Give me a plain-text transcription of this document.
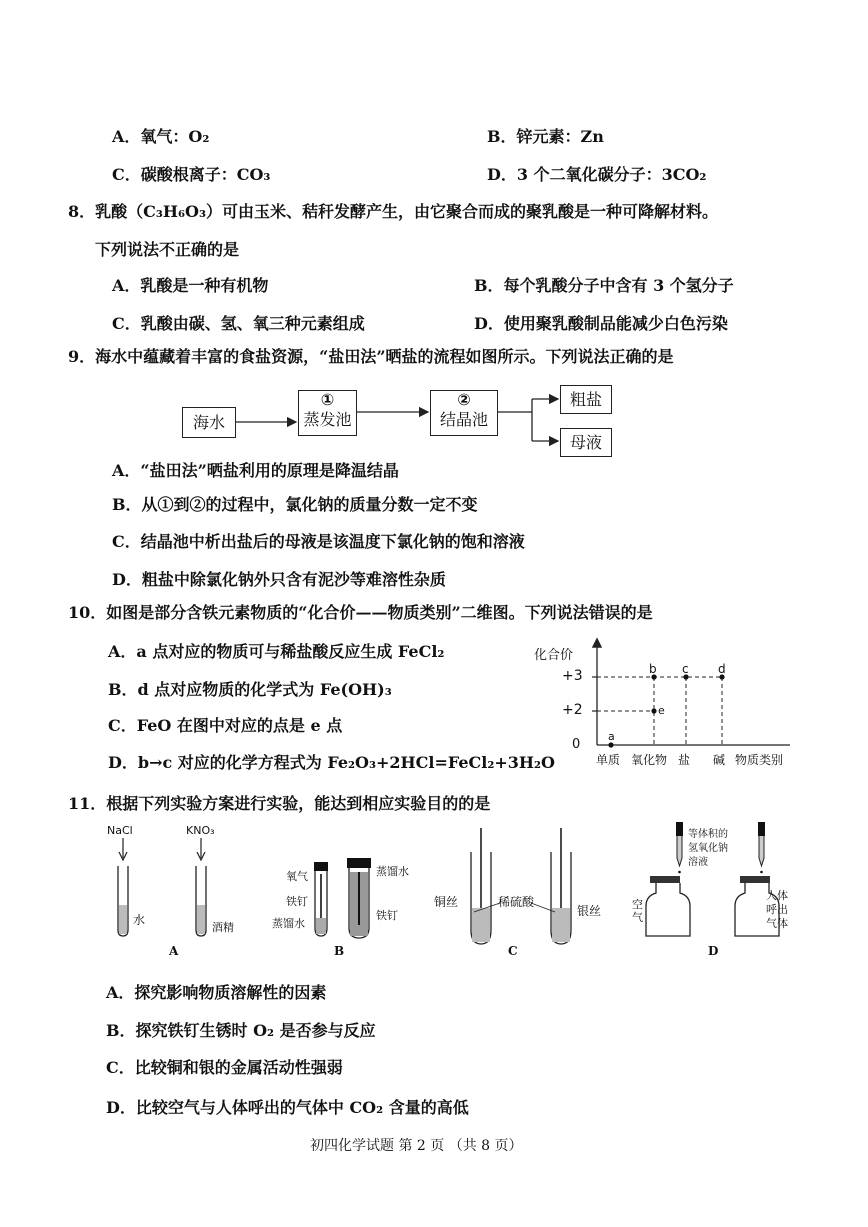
A．氧气：O₂	B．锌元素：Zn
C．碳酸根离子：CO₃	D．3 个二氧化碳分子：3CO₂
8．乳酸（C₃H₆O₃）可由玉米、秸秆发酵产生，由它聚合而成的聚乳酸是一种可降解材料。
下列说法不正确的是
A．乳酸是一种有机物	B．每个乳酸分子中含有 3 个氢分子
C．乳酸由碳、氢、氧三种元素组成	D．使用聚乳酸制品能减少白色污染
9．海水中蕴藏着丰富的食盐资源，“盐田法”晒盐的流程如图所示。下列说法正确的是
海水
①
蒸发池
②
结晶池
粗盐
母液
A．“盐田法”晒盐利用的原理是降温结晶
B．从①到②的过程中，氯化钠的质量分数一定不变
C．结晶池中析出盐后的母液是该温度下氯化钠的饱和溶液
D．粗盐中除氯化钠外只含有泥沙等难溶性杂质
10．如图是部分含铁元素物质的“化合价——物质类别”二维图。下列说法错误的是
A．a 点对应的物质可与稀盐酸反应生成 FeCl₂
B．d 点对应物质的化学式为 Fe(OH)₃
C．FeO 在图中对应的点是 e 点
D．b→c 对应的化学方程式为 Fe₂O₃+2HCl=FeCl₂+3H₂O
化合价
+3
+2
0
a
b c d
e
单质 氧化物 盐 碱 物质类别
11．根据下列实验方案进行实验，能达到相应实验目的的是
NaCl	KNO₃
水
酒精
A
氧气
铁钉
蒸馏水
蒸馏水
铁钉
B
铜丝	稀硫酸
银丝
C
等体积的
氢氧化钠
溶液
空气
人体
呼出
气体
D
A．探究影响物质溶解性的因素
B．探究铁钉生锈时 O₂ 是否参与反应
C．比较铜和银的金属活动性强弱
D．比较空气与人体呼出的气体中 CO₂ 含量的高低
初四化学试题 第 2 页 （共 8 页）
